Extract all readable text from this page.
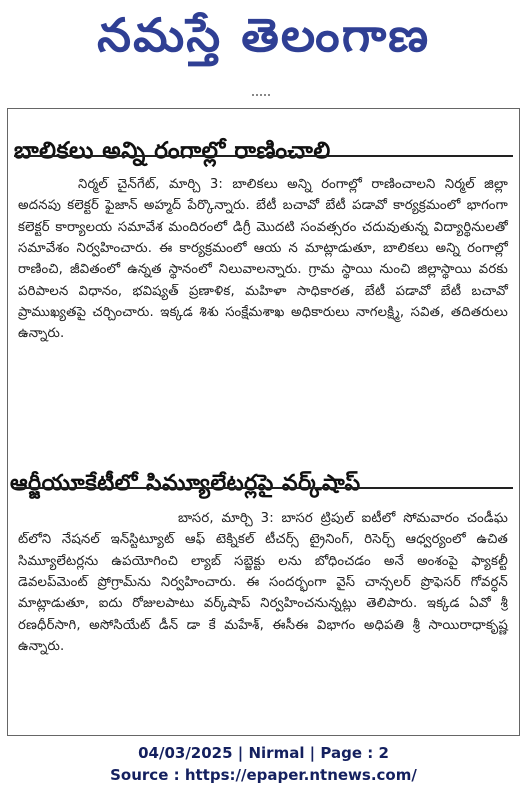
నమస్తే తెలంగాణ
బాలికలు అన్ని రంగాల్లో రాణించాలి

నిర్మల్ చైన్‌గేట్, మార్చి 3: బాలికలు అన్ని రంగాల్లో రాణించాలని నిర్మల్ జిల్లా అదనపు కలెక్టర్ ఫైజాన్ అహ్మద్ పేర్కొన్నారు. బేటీ బచావో బేటీ పడావో కార్యక్రమంలో భాగంగా కలెక్టర్ కార్యాలయ సమావేశ మందిరంలో డిగ్రీ మొదటి సంవత్సరం చదువుతున్న విద్యార్థినులతో సమావేశం నిర్వహించారు. ఈ కార్యక్రమంలో ఆయ న మాట్లాడుతూ, బాలికలు అన్ని రంగాల్లో రాణించి, జీవితంలో ఉన్నత స్థానంలో నిలువాలన్నారు. గ్రామ స్థాయి నుంచి జిల్లాస్థాయి వరకు పరిపాలన విధానం, భవిష్యత్ ప్రణాళిక, మహిళా సాధికారత, బేటీ పడావో బేటీ బచావో ప్రాముఖ్యతపై చర్చించారు. ఇక్కడ శిశు సంక్షేమశాఖ అధికారులు నాగలక్ష్మి, సవిత, తదితరులు ఉన్నారు.

ఆర్జీయూకేటీలో సిమ్యూలేటర్లపై వర్క్‌షాప్

బాసర, మార్చి 3: బాసర ట్రిపుల్ ఐటీలో సోమవారం చండీఘ ట్‌లోని నేషనల్ ఇన్‌స్టిట్యూట్ ఆఫ్ టెక్నికల్ టీచర్స్ ట్రైనింగ్, రిసెర్చ్ ఆధ్వర్యంలో ఉచిత సిమ్యూలేటర్లను ఉపయోగించి ల్యాబ్ సబ్జెక్టు లను బోధించడం అనే అంశంపై ఫ్యాకల్టీ డెవలప్‌మెంట్ ప్రోగ్రామ్‌ను నిర్వహించారు. ఈ సందర్భంగా వైస్ చాన్సలర్ ప్రొఫెసర్ గోవర్ధన్ మాట్లాడుతూ, ఐదు రోజులపాటు వర్క్‌షాప్ నిర్వహించనున్నట్లు తెలిపారు. ఇక్కడ ఏవో శ్రీ రణధీర్‌సాగి, అసోసియేట్ డీన్ డా కే మహేశ్, ఈసీఈ విభాగం అధిపతి శ్రీ సాయిరాధాకృష్ణ ఉన్నారు.

04/03/2025 | Nirmal | Page : 2
Source : https://epaper.ntnews.com/
